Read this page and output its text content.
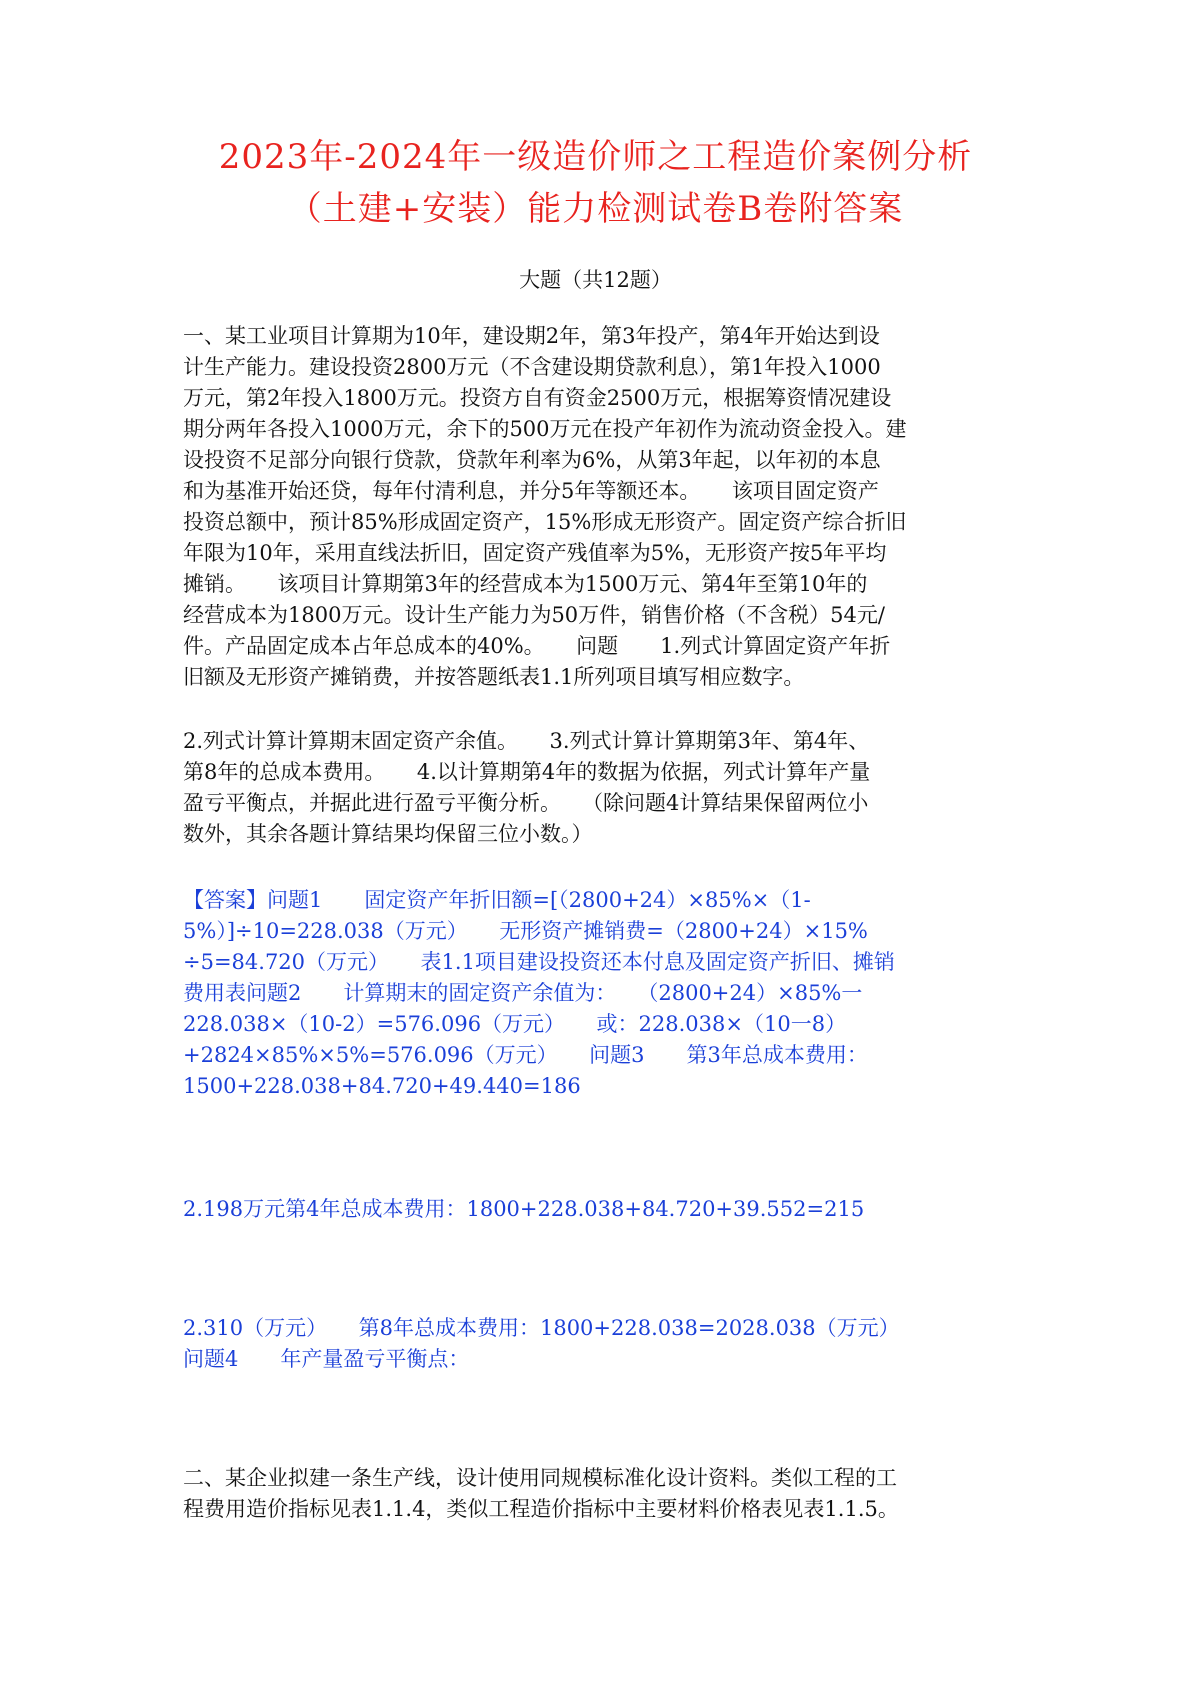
2023年-2024年一级造价师之工程造价案例分析
（土建+安装）能力检测试卷B卷附答案
大题（共12题）
一、某工业项目计算期为10年，建设期2年，第3年投产，第4年开始达到设
计生产能力。建设投资2800万元（不含建设期贷款利息），第1年投入1000
万元，第2年投入1800万元。投资方自有资金2500万元，根据筹资情况建设
期分两年各投入1000万元，余下的500万元在投产年初作为流动资金投入。建
设投资不足部分向银行贷款，贷款年利率为6%，从第3年起，以年初的本息
和为基准开始还贷，每年付清利息，并分5年等额还本。　　该项目固定资产
投资总额中，预计85%形成固定资产，15%形成无形资产。固定资产综合折旧
年限为10年，采用直线法折旧，固定资产残值率为5%，无形资产按5年平均
摊销。　　该项目计算期第3年的经营成本为1500万元、第4年至第10年的
经营成本为1800万元。设计生产能力为50万件，销售价格（不含税）54元/
件。产品固定成本占年总成本的40%。　　问题　　1.列式计算固定资产年折
旧额及无形资产摊销费，并按答题纸表1.1所列项目填写相应数字。
2.列式计算计算期末固定资产余值。　　3.列式计算计算期第3年、第4年、
第8年的总成本费用。　　4.以计算期第4年的数据为依据，列式计算年产量
盈亏平衡点，并据此进行盈亏平衡分析。　　（除问题4计算结果保留两位小
数外，其余各题计算结果均保留三位小数。）
【答案】问题1　　固定资产年折旧额=[（2800+24）×85%×（1-
5%）]÷10=228.038（万元）　　无形资产摊销费=（2800+24）×15%
÷5=84.720（万元）　　表1.1项目建设投资还本付息及固定资产折旧、摊销
费用表问题2　　计算期末的固定资产余值为：　　（2800+24）×85%一
228.038×（10-2）=576.096（万元）　　或：228.038×（10一8）
+2824×85%×5%=576.096（万元）　　问题3　　第3年总成本费用：
1500+228.038+84.720+49.440=186
2.198万元第4年总成本费用：1800+228.038+84.720+39.552=215
2.310（万元）　　第8年总成本费用：1800+228.038=2028.038（万元）
问题4　　年产量盈亏平衡点：
二、某企业拟建一条生产线，设计使用同规模标准化设计资料。类似工程的工
程费用造价指标见表1.1.4，类似工程造价指标中主要材料价格表见表1.1.5。
